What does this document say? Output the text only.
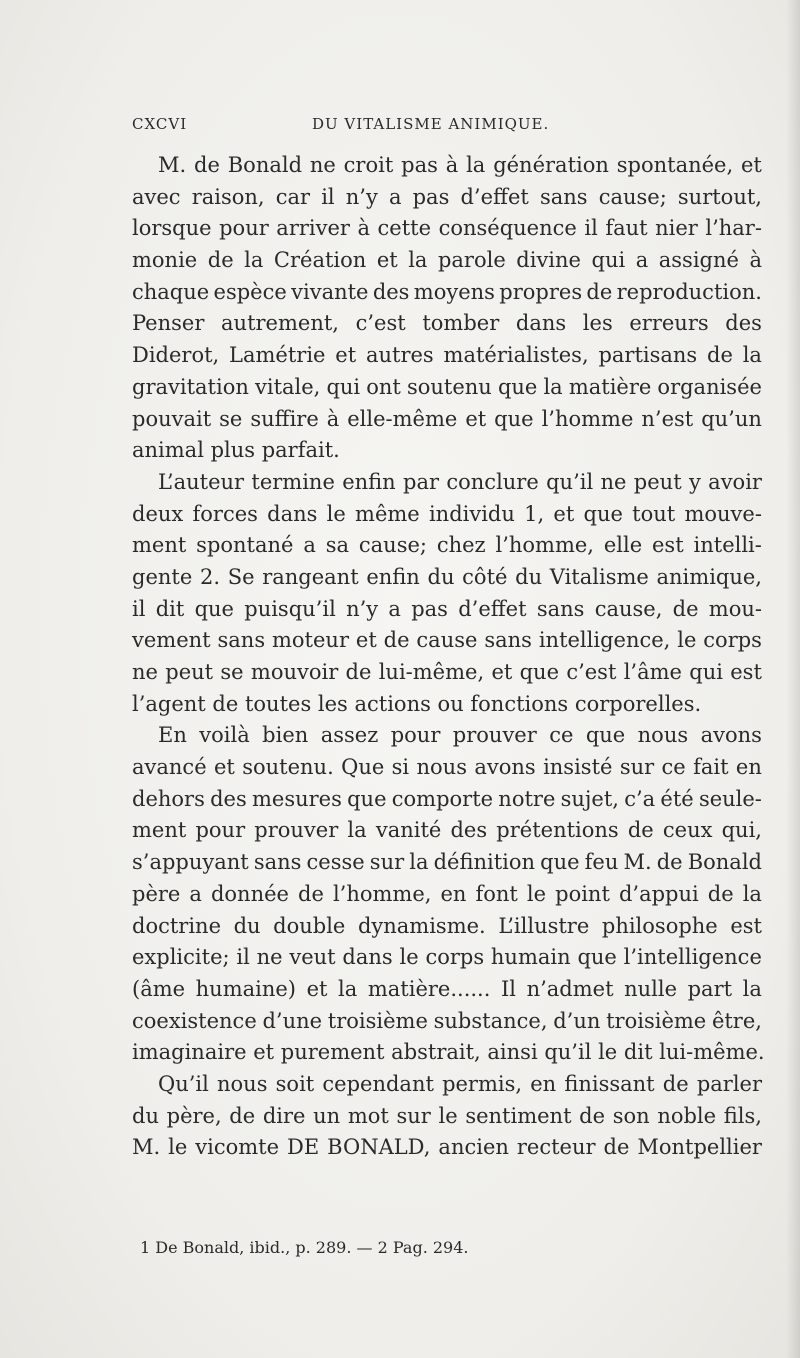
CXCVI	DU VITALISME ANIMIQUE.
M. de Bonald ne croit pas à la génération spontanée, et
avec raison, car il n’y a pas d’effet sans cause; surtout,
lorsque pour arriver à cette conséquence il faut nier l’har-
monie de la Création et la parole divine qui a assigné à
chaque espèce vivante des moyens propres de reproduction.
Penser autrement, c’est tomber dans les erreurs des
Diderot, Lamétrie et autres matérialistes, partisans de la
gravitation vitale, qui ont soutenu que la matière organisée
pouvait se suffire à elle-même et que l’homme n’est qu’un
animal plus parfait.
L’auteur termine enfin par conclure qu’il ne peut y avoir
deux forces dans le même individu 1, et que tout mouve-
ment spontané a sa cause; chez l’homme, elle est intelli-
gente 2. Se rangeant enfin du côté du Vitalisme animique,
il dit que puisqu’il n’y a pas d’effet sans cause, de mou-
vement sans moteur et de cause sans intelligence, le corps
ne peut se mouvoir de lui-même, et que c’est l’âme qui est
l’agent de toutes les actions ou fonctions corporelles.
En voilà bien assez pour prouver ce que nous avons
avancé et soutenu. Que si nous avons insisté sur ce fait en
dehors des mesures que comporte notre sujet, c’a été seule-
ment pour prouver la vanité des prétentions de ceux qui,
s’appuyant sans cesse sur la définition que feu M. de Bonald
père a donnée de l’homme, en font le point d’appui de la
doctrine du double dynamisme. L’illustre philosophe est
explicite; il ne veut dans le corps humain que l’intelligence
(âme humaine) et la matière...... Il n’admet nulle part la
coexistence d’une troisième substance, d’un troisième être,
imaginaire et purement abstrait, ainsi qu’il le dit lui-même.
Qu’il nous soit cependant permis, en finissant de parler
du père, de dire un mot sur le sentiment de son noble fils,
M. le vicomte DE BONALD, ancien recteur de Montpellier
1 De Bonald, ibid., p. 289. — 2 Pag. 294.
